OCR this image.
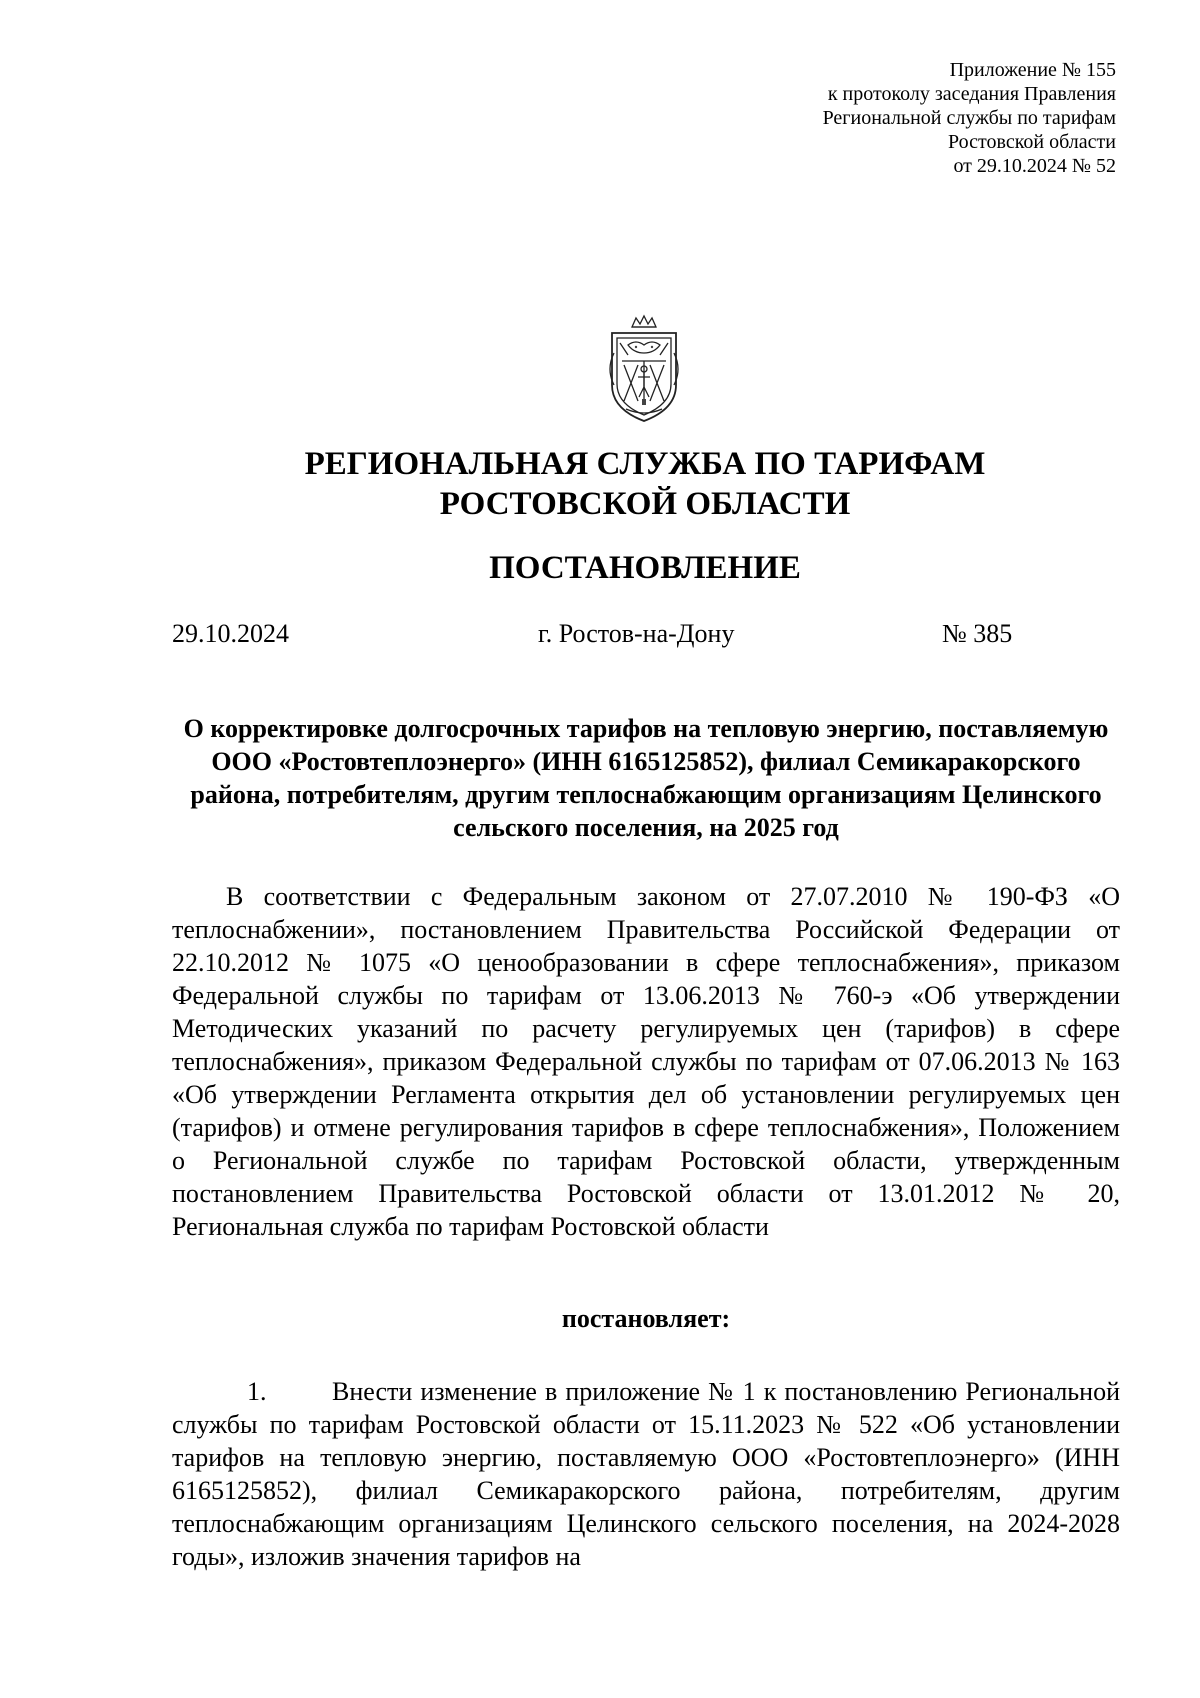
Приложение № 155
к протоколу заседания Правления
Региональной службы по тарифам
Ростовской области
от 29.10.2024 № 52
РЕГИОНАЛЬНАЯ СЛУЖБА ПО ТАРИФАМ
РОСТОВСКОЙ ОБЛАСТИ
ПОСТАНОВЛЕНИЕ
29.10.2024	г. Ростов-на-Дону	№ 385
О корректировке долгосрочных тарифов на тепловую энергию, поставляемую ООО «Ростовтеплоэнерго» (ИНН 6165125852), филиал Семикаракорского района, потребителям, другим теплоснабжающим организациям Целинского сельского поселения, на 2025 год
В соответствии с Федеральным законом от 27.07.2010 № 190-ФЗ «О теплоснабжении», постановлением Правительства Российской Федерации от 22.10.2012 № 1075 «О ценообразовании в сфере теплоснабжения», приказом Федеральной службы по тарифам от 13.06.2013 № 760-э «Об утверждении Методических указаний по расчету регулируемых цен (тарифов) в сфере теплоснабжения», приказом Федеральной службы по тарифам от 07.06.2013 № 163 «Об утверждении Регламента открытия дел об установлении регулируемых цен (тарифов) и отмене регулирования тарифов в сфере теплоснабжения», Положением о Региональной службе по тарифам Ростовской области, утвержденным постановлением Правительства Ростовской области от 13.01.2012 № 20, Региональная служба по тарифам Ростовской области
постановляет:
1.	Внести изменение в приложение № 1 к постановлению Региональной службы по тарифам Ростовской области от 15.11.2023 № 522 «Об установлении тарифов на тепловую энергию, поставляемую ООО «Ростовтеплоэнерго» (ИНН 6165125852), филиал Семикаракорского района, потребителям, другим теплоснабжающим организациям Целинского сельского поселения, на 2024-2028 годы», изложив значения тарифов на
